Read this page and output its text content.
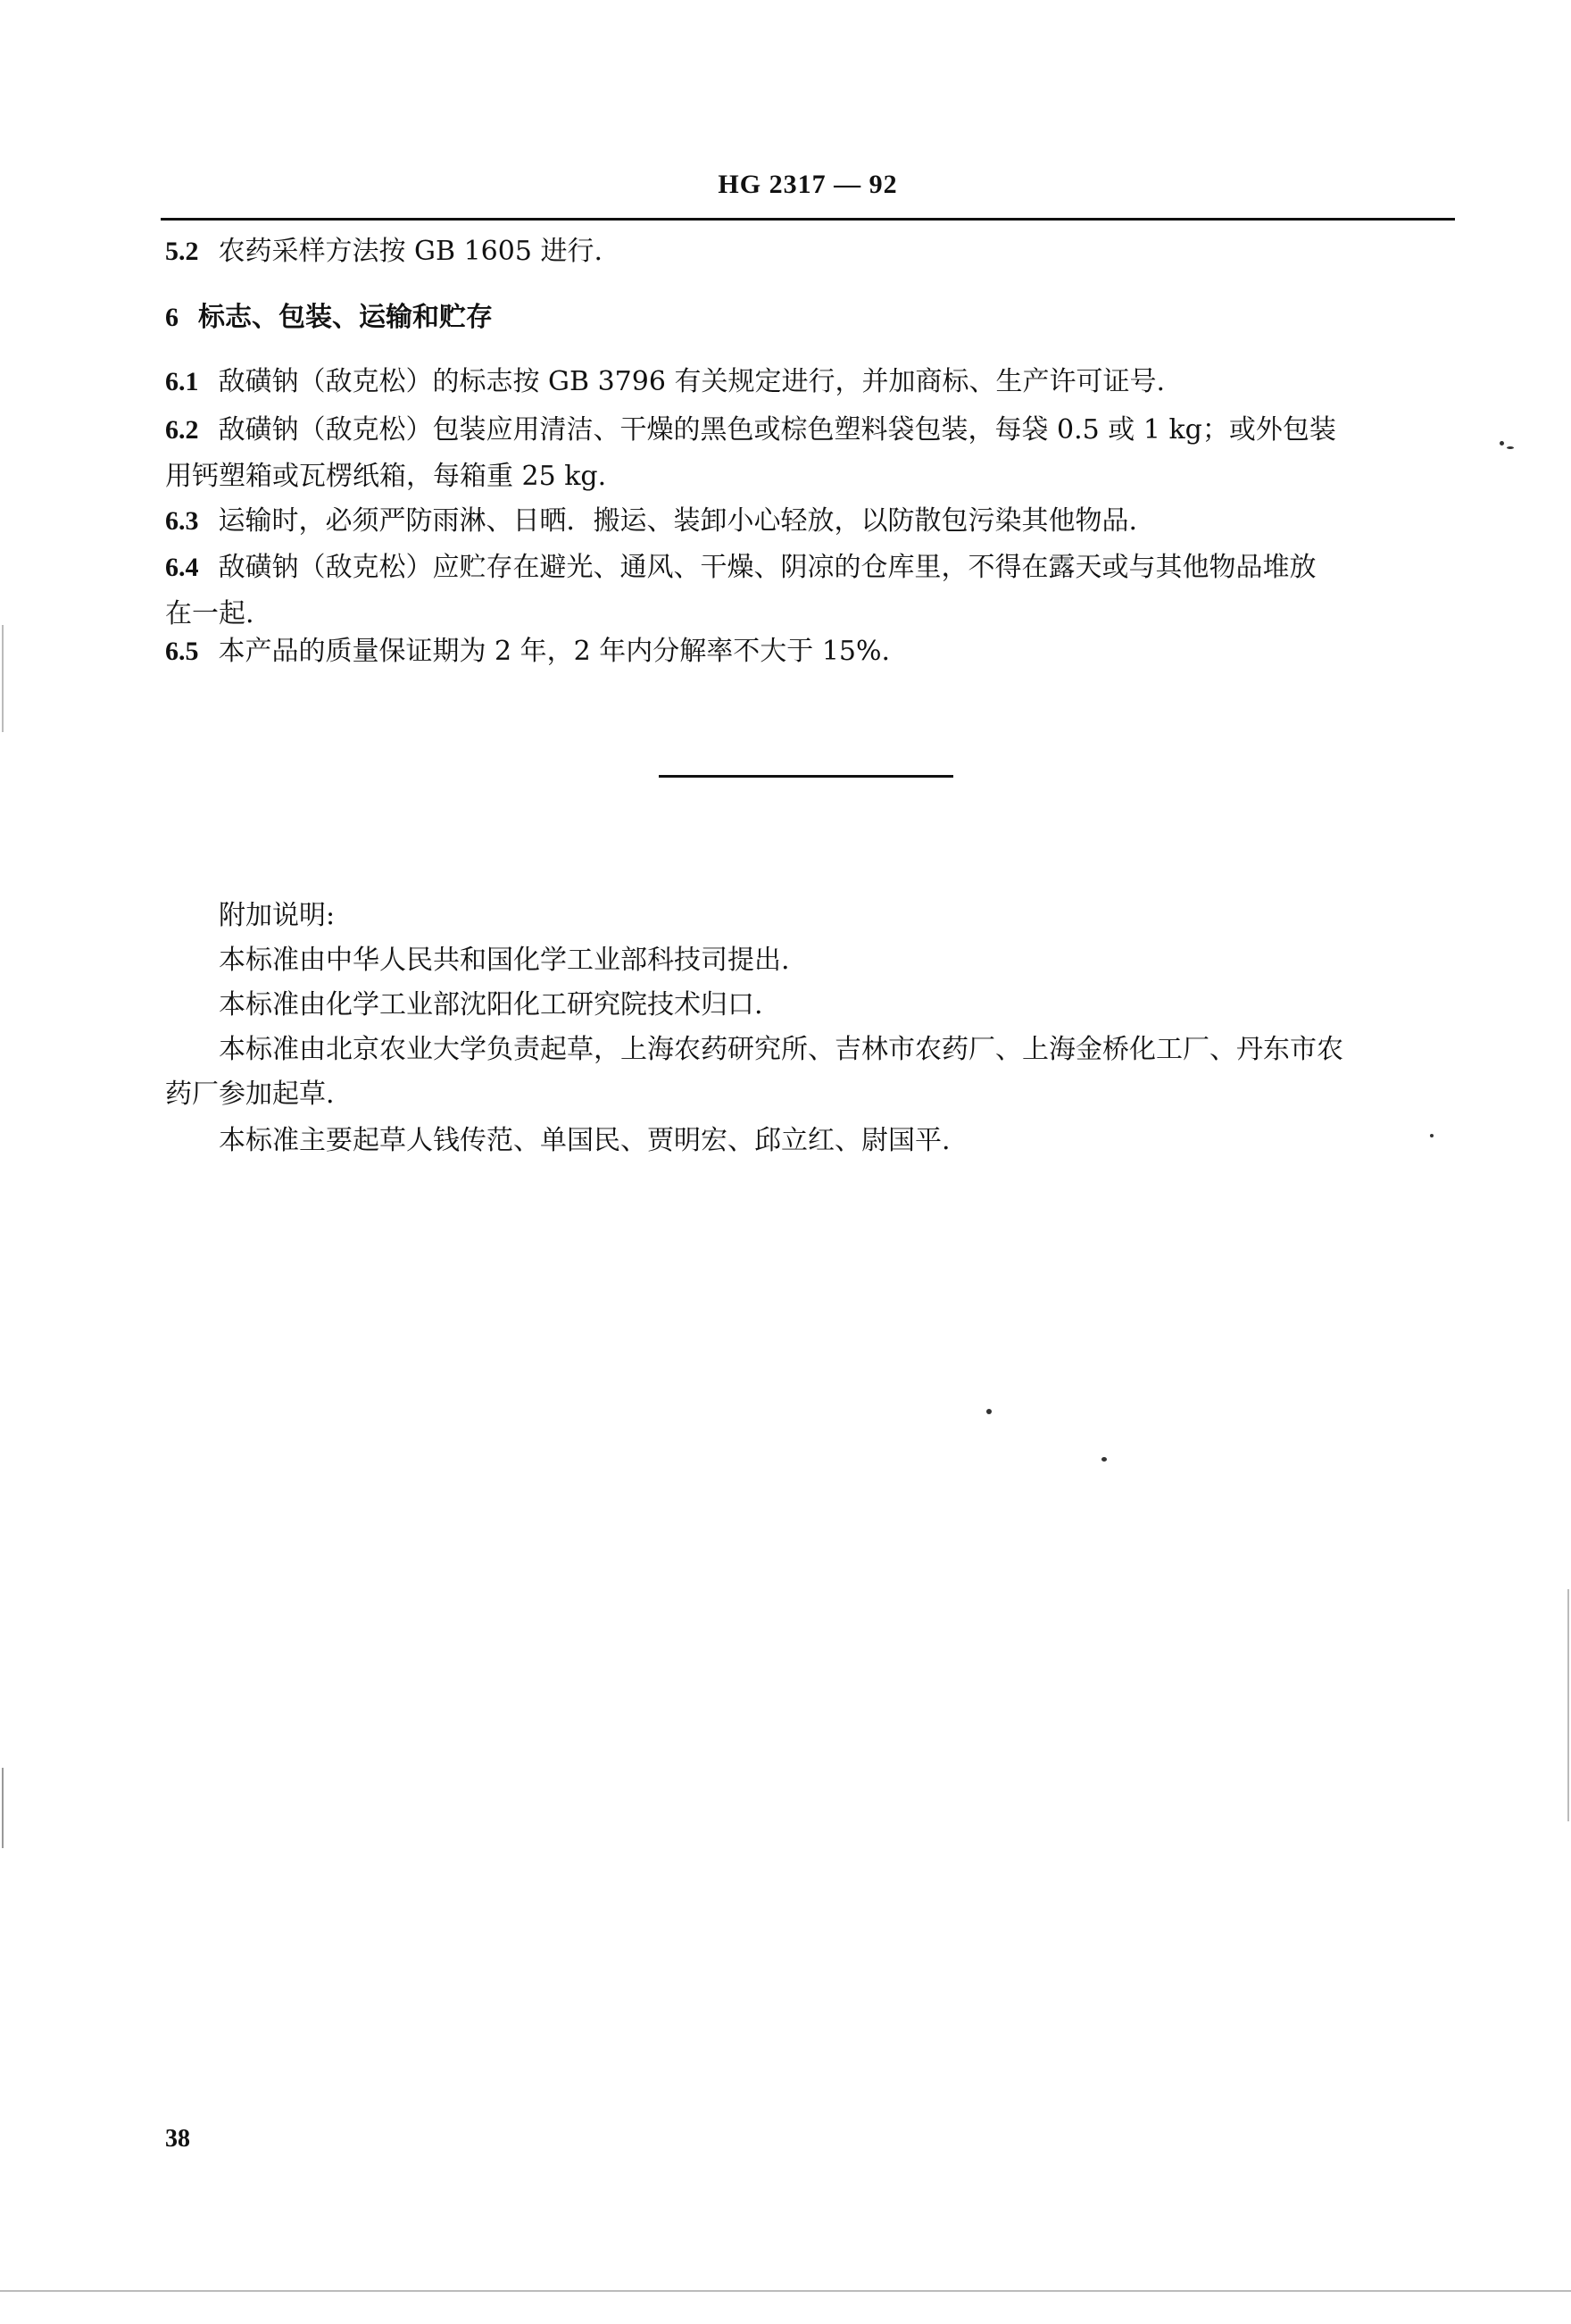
HG 2317 — 92
5.2 农药采样方法按 GB 1605 进行.
6 标志、包装、运输和贮存
6.1 敌磺钠（敌克松）的标志按 GB 3796 有关规定进行，并加商标、生产许可证号.
6.2 敌磺钠（敌克松）包装应用清洁、干燥的黑色或棕色塑料袋包装，每袋 0.5 或 1 kg；或外包装
用钙塑箱或瓦楞纸箱，每箱重 25 kg.
6.3 运输时，必须严防雨淋、日晒．搬运、装卸小心轻放，以防散包污染其他物品.
6.4 敌磺钠（敌克松）应贮存在避光、通风、干燥、阴凉的仓库里，不得在露天或与其他物品堆放
在一起.
6.5 本产品的质量保证期为 2 年，2 年内分解率不大于 15%.
附加说明:
本标准由中华人民共和国化学工业部科技司提出.
本标准由化学工业部沈阳化工研究院技术归口.
本标准由北京农业大学负责起草，上海农药研究所、吉林市农药厂、上海金桥化工厂、丹东市农
药厂参加起草.
本标准主要起草人钱传范、单国民、贾明宏、邱立红、尉国平.
38
